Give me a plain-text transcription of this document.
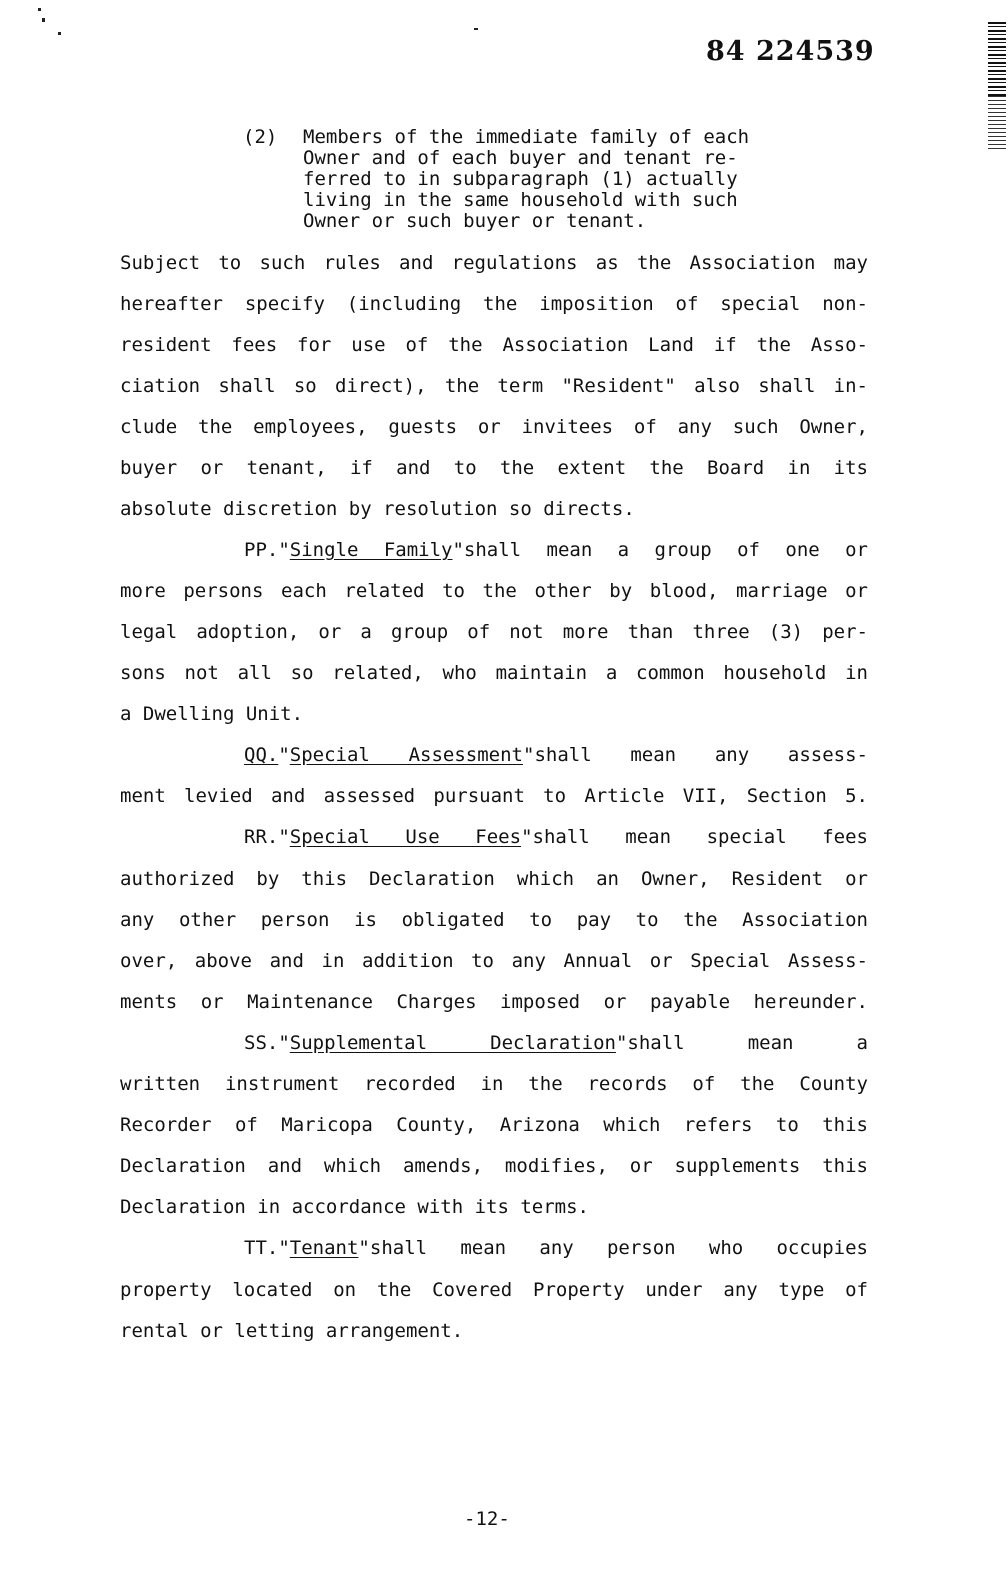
84 224539
(2) Members of the immediate family of each
Owner and of each buyer and tenant re-
ferred to in subparagraph (1) actually
living in the same household with such
Owner or such buyer or tenant.
Subject to such rules and regulations as the Association may
hereafter specify (including the imposition of special non-
resident fees for use of the Association Land if the Asso-
ciation shall so direct), the term "Resident" also shall in-
clude the employees, guests or invitees of any such Owner,
buyer or tenant, if and to the extent the Board in its
absolute discretion by resolution so directs.
PP."Single Family"shall mean a group of one or
more persons each related to the other by blood, marriage or
legal adoption, or a group of not more than three (3) per-
sons not all so related, who maintain a common household in
a Dwelling Unit.
QQ."Special Assessment"shall mean any assess-
ment levied and assessed pursuant to Article VII, Section 5.
RR."Special Use Fees"shall mean special fees
authorized by this Declaration which an Owner, Resident or
any other person is obligated to pay to the Association
over, above and in addition to any Annual or Special Assess-
ments or Maintenance Charges imposed or payable hereunder.
SS."Supplemental Declaration"shall mean a
written instrument recorded in the records of the County
Recorder of Maricopa County, Arizona which refers to this
Declaration and which amends, modifies, or supplements this
Declaration in accordance with its terms.
TT."Tenant"shall mean any person who occupies
property located on the Covered Property under any type of
rental or letting arrangement.
-12-
